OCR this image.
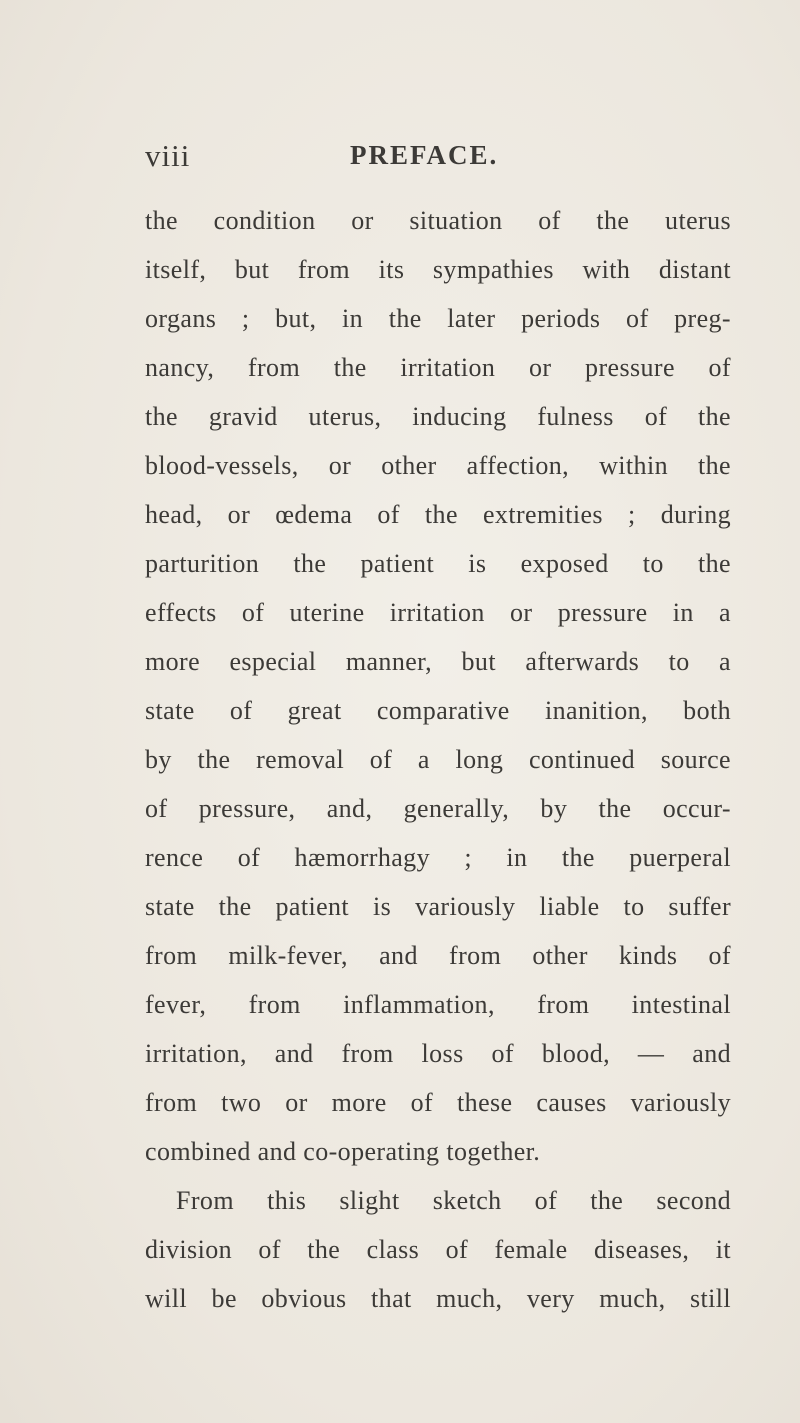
viii	PREFACE.
the condition or situation of the uterus
itself, but from its sympathies with distant
organs ; but, in the later periods of preg-
nancy, from the irritation or pressure of
the gravid uterus, inducing fulness of the
blood-vessels, or other affection, within the
head, or œdema of the extremities ; during
parturition the patient is exposed to the
effects of uterine irritation or pressure in a
more especial manner, but afterwards to a
state of great comparative inanition, both
by the removal of a long continued source
of pressure, and, generally, by the occur-
rence of hæmorrhagy ; in the puerperal
state the patient is variously liable to suffer
from milk-fever, and from other kinds of
fever, from inflammation, from intestinal
irritation, and from loss of blood, — and
from two or more of these causes variously
combined and co-operating together.
From this slight sketch of the second
division of the class of female diseases, it
will be obvious that much, very much, still
